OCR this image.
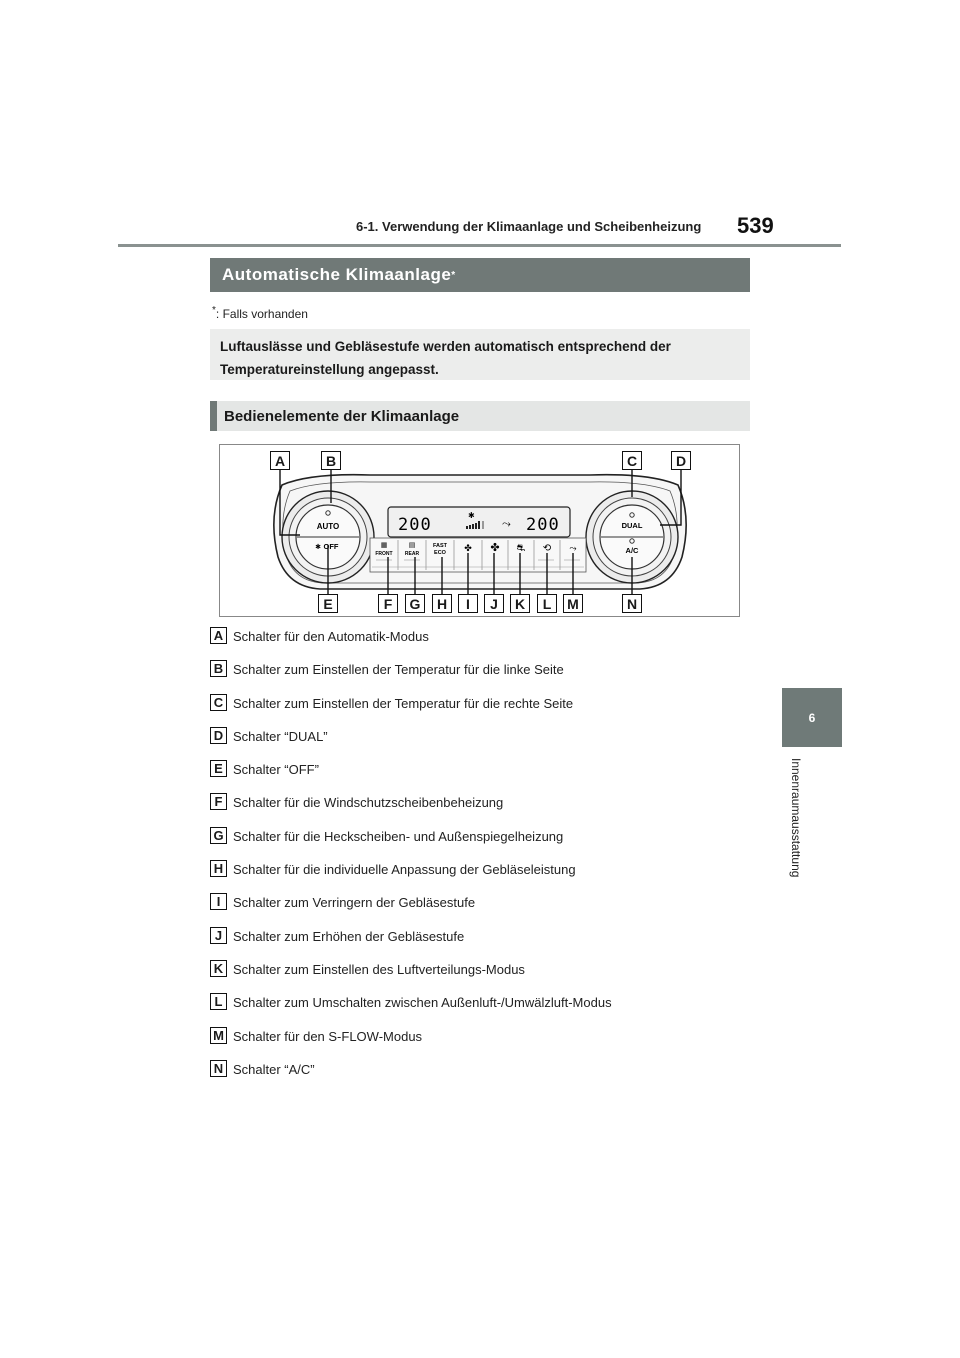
6-1. Verwendung der Klimaanlage und Scheibenheizung 539
6
Innenraumausstattung
Automatische Klimaanlage *
*: Falls vorhanden
Luftauslässe und Gebläsestufe werden automatisch entsprechend der Temperatureinstellung angepasst.
Bedienelemente der Klimaanlage
AUTO
OFF
✱
DUAL
A/C
200	200
✱
⤳
▦
FRONT
▤
REAR
FAST
ECO ✤ ✤ ⛐ ⟲ ⤳
A	B	C	D
E	F	G	H	I	J	K	L	M	N
A Schalter für den Automatik-Modus
B Schalter zum Einstellen der Temperatur für die linke Seite
C Schalter zum Einstellen der Temperatur für die rechte Seite
D Schalter “DUAL”
E Schalter “OFF”
F Schalter für die Windschutzscheibenbeheizung
G Schalter für die Heckscheiben- und Außenspiegelheizung
H Schalter für die individuelle Anpassung der Gebläseleistung
I Schalter zum Verringern der Gebläsestufe
J Schalter zum Erhöhen der Gebläsestufe
K Schalter zum Einstellen des Luftverteilungs-Modus
L Schalter zum Umschalten zwischen Außenluft-/Umwälzluft-Modus
M Schalter für den S-FLOW-Modus
N Schalter “A/C”
